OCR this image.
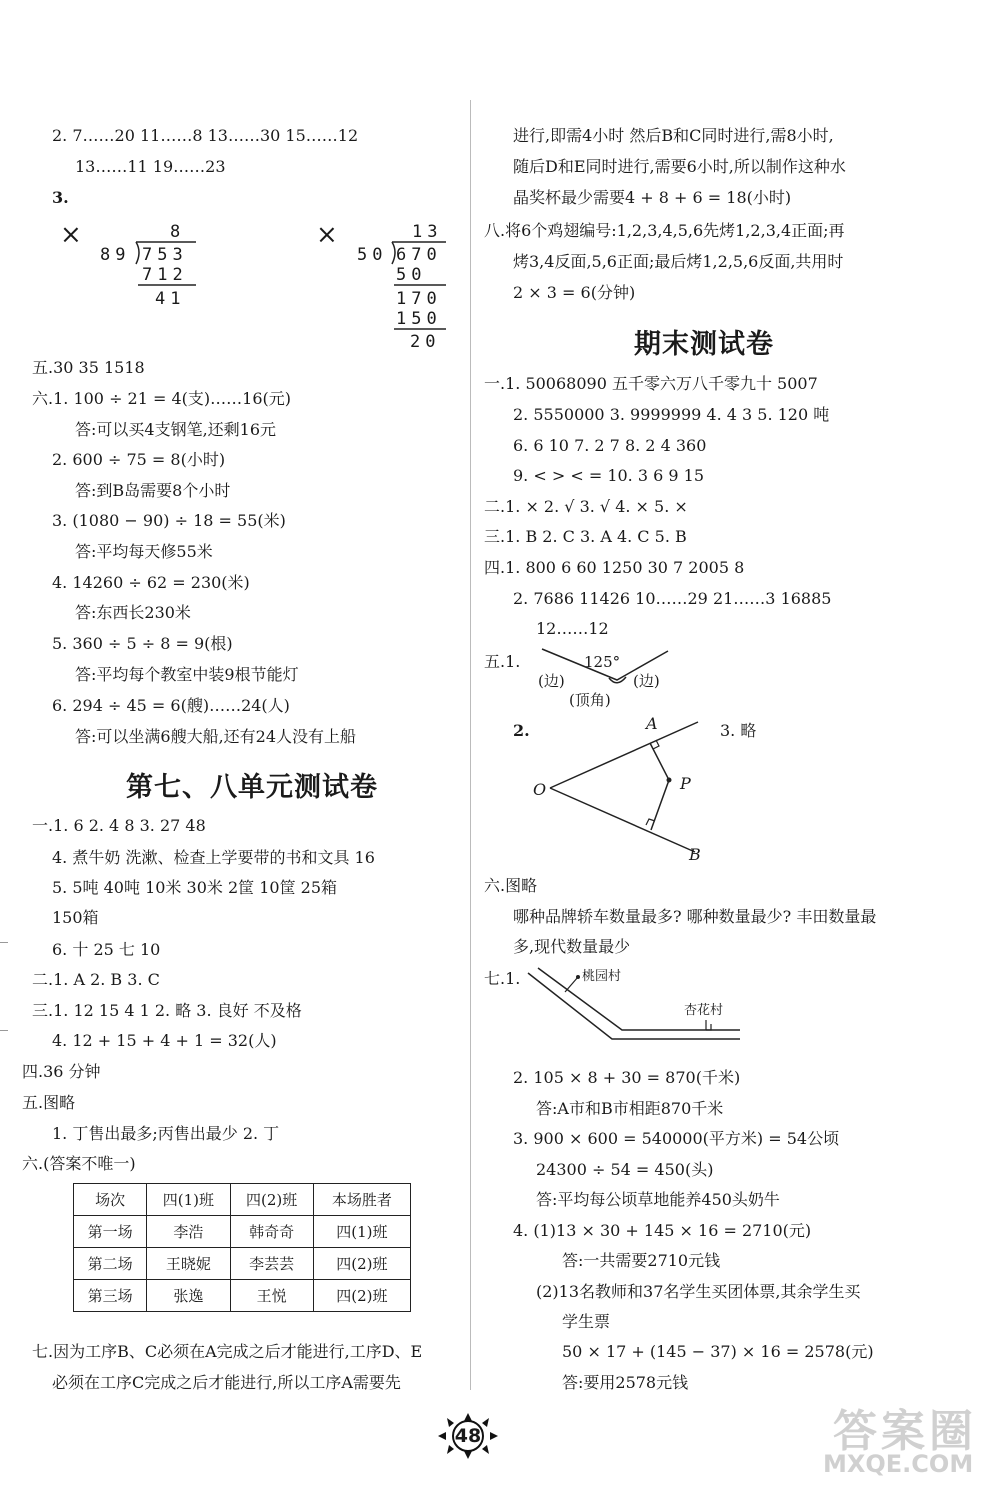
2. 7……20 11……8 13……30 15……12
13……11 19……23
3.
×	8
89 753
712
41
×	13
50 670
50
170
150
20
五.30 35 1518
六.1. 100 ÷ 21 = 4(支)……16(元)
答:可以买4支钢笔,还剩16元
2. 600 ÷ 75 = 8(小时)
答:到B岛需要8个小时
3. (1080 − 90) ÷ 18 = 55(米)
答:平均每天修55米
4. 14260 ÷ 62 = 230(米)
答:东西长230米
5. 360 ÷ 5 ÷ 8 = 9(根)
答:平均每个教室中装9根节能灯
6. 294 ÷ 45 = 6(艘)……24(人)
答:可以坐满6艘大船,还有24人没有上船
第七、八单元测试卷
一.1. 6 2. 4 8 3. 27 48
4. 煮牛奶 洗漱、检查上学要带的书和文具 16
5. 5吨 40吨 10米 30米 2筐 10筐 25箱
150箱
6. 十 25 七 10
二.1. A 2. B 3. C
三.1. 12 15 4 1 2. 略 3. 良好 不及格
4. 12 + 15 + 4 + 1 = 32(人)
四.36 分钟
五.图略
1. 丁售出最多;丙售出最少 2. 丁
六.(答案不唯一)
场次	四(1)班	四(2)班	本场胜者
第一场	李浩	韩奇奇	四(1)班
第二场	王晓妮	李芸芸	四(2)班
第三场	张逸	王悦	四(2)班
七.因为工序B、C必须在A完成之后才能进行,工序D、E
必须在工序C完成之后才能进行,所以工序A需要先
进行,即需4小时 然后B和C同时进行,需8小时,
随后D和E同时进行,需要6小时,所以制作这种水
晶奖杯最少需要4 + 8 + 6 = 18(小时)
八.将6个鸡翅编号:1,2,3,4,5,6先烤1,2,3,4正面;再
烤3,4反面,5,6正面;最后烤1,2,5,6反面,共用时
2 × 3 = 6(分钟)
期末测试卷
一.1. 50068090 五千零六万八千零九十 5007
2. 5550000 3. 9999999 4. 4 3 5. 120 吨
6. 6 10 7. 2 7 8. 2 4 360
9. < > < = 10. 3 6 9 15
二.1. × 2. √ 3. √ 4. × 5. ×
三.1. B 2. C 3. A 4. C 5. B
四.1. 800 6 60 1250 30 7 2005 8
2. 7686 11426 10……29 21……3 16885
12……12
五.1.	125°
(边)	(边)
(顶角)
2.	3. 略
A
O	P
B
六.图略
哪种品牌轿车数量最多? 哪种数量最少? 丰田数量最
多,现代数量最少
七.1.	桃园村
杏花村
2. 105 × 8 + 30 = 870(千米)
答:A市和B市相距870千米
3. 900 × 600 = 540000(平方米) = 54公顷
24300 ÷ 54 = 450(头)
答:平均每公顷草地能养450头奶牛
4. (1)13 × 30 + 145 × 16 = 2710(元)
答:一共需要2710元钱
(2)13名教师和37名学生买团体票,其余学生买
学生票
50 × 17 + (145 − 37) × 16 = 2578(元)
答:要用2578元钱
48	答案圈
MXQE.COM
